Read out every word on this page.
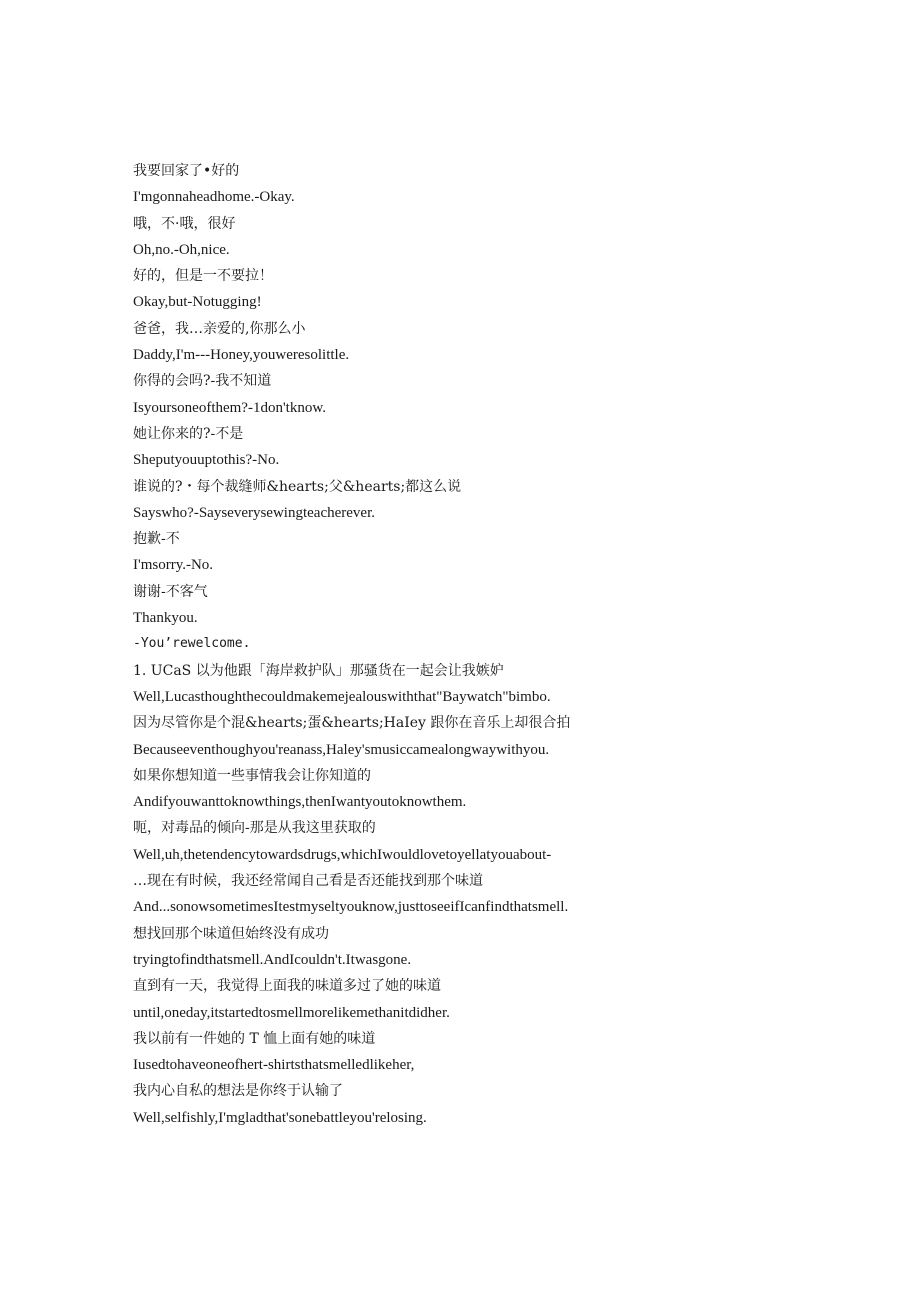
我要回家了•好的
I'mgonnaheadhome.-Okay.
哦，不·哦，很好
Oh,no.-Oh,nice.
好的，但是一不要拉！
Okay,but-Notugging!
爸爸，我…亲爱的,你那么小
Daddy,I'm---Honey,youweresolittle.
你得的会吗?-我不知道
Isyoursoneofthem?-1don'tknow.
她让你来的?-不是
Sheputyouuptothis?-No.
谁说的?・每个裁缝师&hearts;父&hearts;都这么说
Sayswho?-Sayseverysewingteacherever.
抱歉-不
I'msorry.-No.
谢谢-不客气
Thankyou.
-You’rewelcome.
1. UCaS 以为他跟「海岸救护队」那骚货在一起会让我嫉妒
Well,Lucasthoughthecouldmakemejealouswiththat"Baywatch"bimbo.
因为尽管你是个混&hearts;蛋&hearts;HaIey 跟你在音乐上却很合拍
Becauseeventhoughyou'reanass,Haley'smusiccamealongwaywithyou.
如果你想知道一些事情我会让你知道的
Andifyouwanttoknowthings,thenIwantyoutoknowthem.
呃，对毒品的倾向-那是从我这里获取的
Well,uh,thetendencytowardsdrugs,whichIwouldlovetoyellatyouabout-
…现在有时候，我还经常闻自己看是否还能找到那个味道
And...sonowsometimesItestmyseltyouknow,justtoseeifIcanfindthatsmell.
想找回那个味道但始终没有成功
tryingtofindthatsmell.AndIcouldn't.Itwasgone.
直到有一天，我觉得上面我的味道多过了她的味道
until,oneday,itstartedtosmellmorelikemethanitdidher.
我以前有一件她的 T 恤上面有她的味道
Iusedtohaveoneofhert-shirtsthatsmelledlikeher,
我内心自私的想法是你终于认输了
Well,selfishly,I'mgladthat'sonebattleyou'relosing.
